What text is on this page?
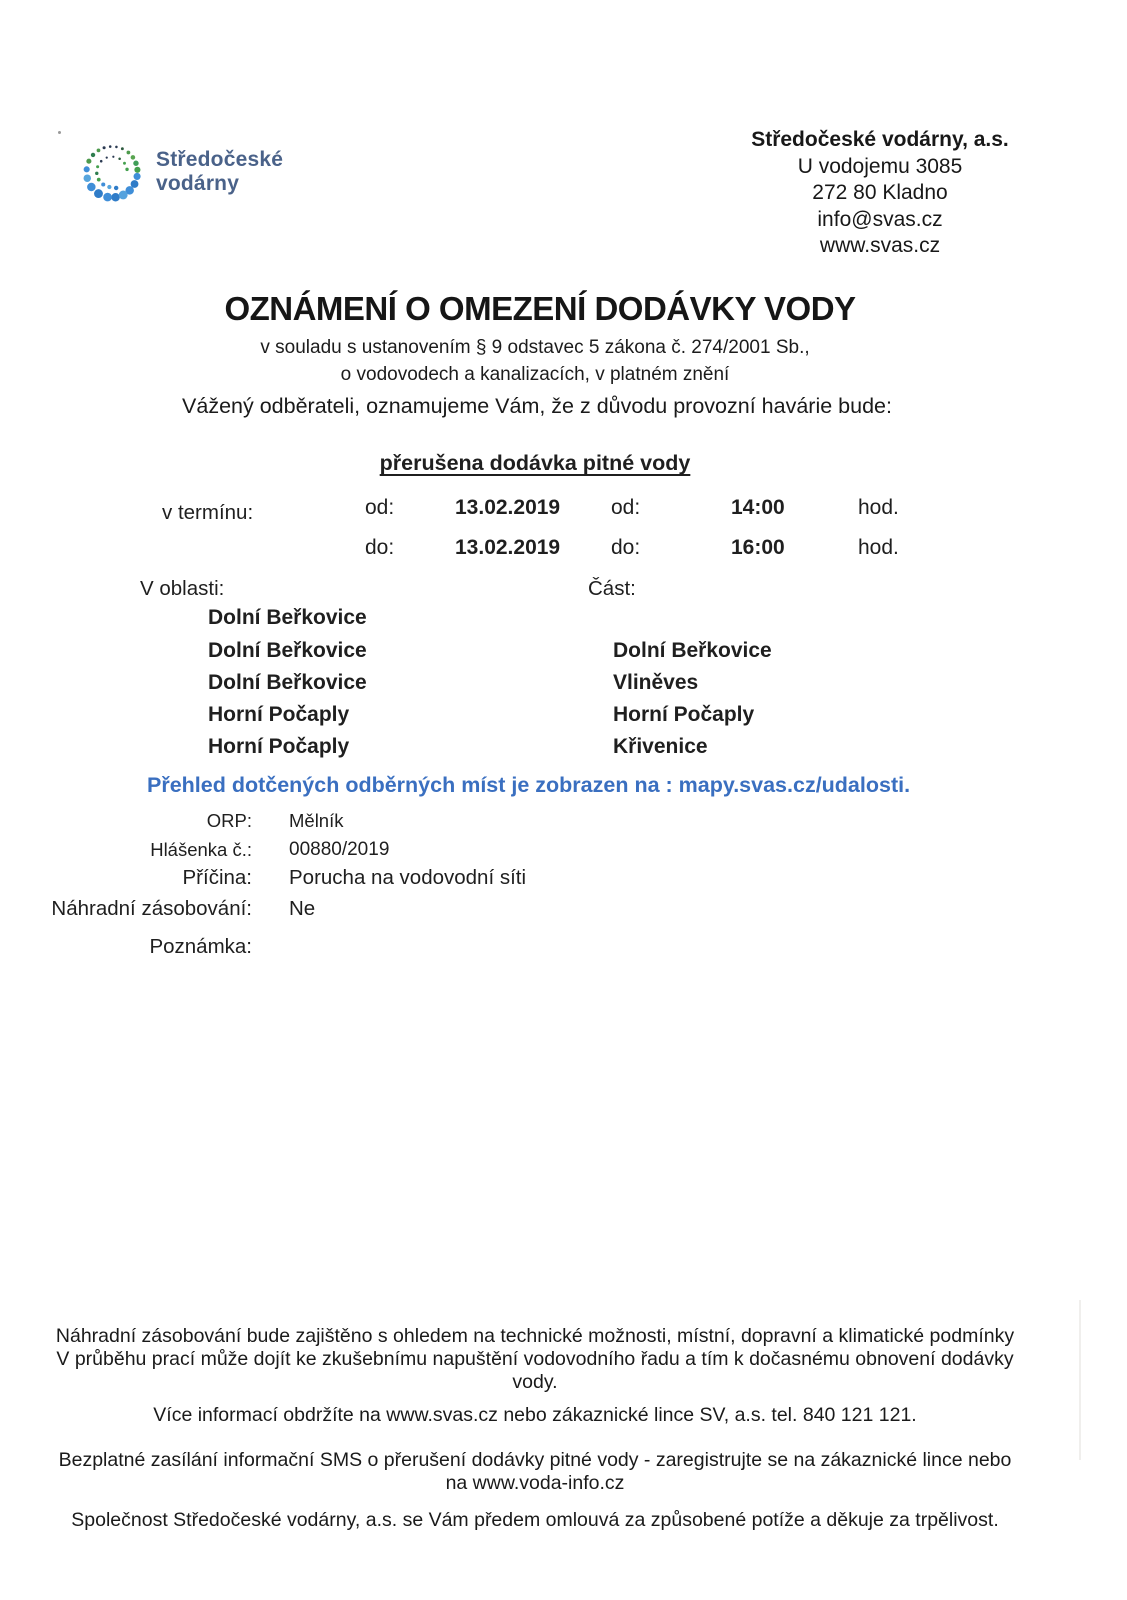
Středočeské
vodárny
Středočeské vodárny, a.s.
U vodojemu 3085
272 80 Kladno
info@svas.cz
www.svas.cz
OZNÁMENÍ O OMEZENÍ DODÁVKY VODY
v souladu s ustanovením § 9 odstavec 5 zákona č. 274/2001 Sb.,
o vodovodech a kanalizacích, v platném znění
Vážený odběrateli, oznamujeme Vám, že z důvodu provozní havárie bude:
přerušena dodávka pitné vody
v termínu:	od:	13.02.2019 od:	14:00	hod.
do:	13.02.2019 do:	16:00	hod.
V oblasti:	Část:
Dolní Beřkovice
Dolní Beřkovice	Dolní Beřkovice
Dolní Beřkovice	Vliněves
Horní Počaply	Horní Počaply
Horní Počaply	Křivenice
Přehled dotčených odběrných míst je zobrazen na : mapy.svas.cz/udalosti.
ORP: Mělník
Hlášenka č.: 00880/2019
Příčina: Porucha na vodovodní síti
Náhradní zásobování: Ne
Poznámka:
Náhradní zásobování bude zajištěno s ohledem na technické možnosti, místní, dopravní a klimatické podmínky
V průběhu prací může dojít ke zkušebnímu napuštění vodovodního řadu a tím k dočasnému obnovení dodávky
vody.
Více informací obdržíte na www.svas.cz nebo zákaznické lince SV, a.s. tel. 840 121 121.
Bezplatné zasílání informační SMS o přerušení dodávky pitné vody - zaregistrujte se na zákaznické lince nebo
na www.voda-info.cz
Společnost Středočeské vodárny, a.s. se Vám předem omlouvá za způsobené potíže a děkuje za trpělivost.
